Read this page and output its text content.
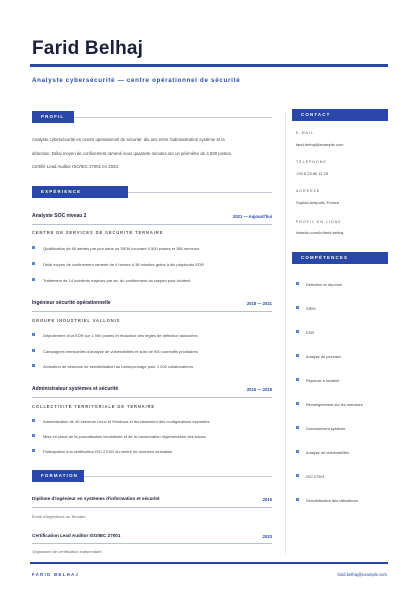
Farid Belhaj
Analyste cybersécurité — centre opérationnel de sécurité
PROFIL
Analyste cybersécurité en centre opérationnel de sécurité, dix ans entre l'administration système et la
détection. Délai moyen de confinement ramené sous quarante minutes sur un périmètre de 4 500 postes.
Certifié Lead Auditor ISO/IEC 27001 en 2023.
EXPÉRIENCE PROFESSIONNELLE
Analyste SOC niveau 2	2021 — Aujourd'hui
CENTRE DE SERVICES DE SÉCURITÉ TERNAIRE
Qualification de 60 alertes par jour dans un SIEM couvrant 4 500 postes et 380 serveurs
Délai moyen de confinement ramené de 4 heures à 38 minutes grâce à dix playbooks EDR
Traitement de 14 incidents majeurs par an, du confinement au rapport post-incident
Ingénieur sécurité opérationnelle	2018 — 2021
GROUPE INDUSTRIEL VALLONIS
Déploiement d'un EDR sur 1 900 postes et rédaction des règles de détection associées
Campagnes mensuelles d'analyse de vulnérabilités et suivi de 900 correctifs prioritaires
Animation de sessions de sensibilisation au hameçonnage pour 1 200 collaborateurs
Administrateur systèmes et sécurité	2015 — 2018
COLLECTIVITÉ TERRITORIALE DE TERNAIRE
Administration de 40 serveurs Linux et Windows et durcissement des configurations exposées
Mise en place de la journalisation centralisée et de la conservation réglementaire des traces
Participation à la certification ISO 27001 du centre de données mutualisé
FORMATION
Diplôme d'ingénieur en systèmes d'information et sécurité	2015
École d'ingénieurs du Ternaire
Certification Lead Auditor ISO/IEC 27001	2023
Organisme de certification indépendant
CONTACT
E-MAIL
farid.belhaj@example.com
TÉLÉPHONE
+33 6 23 80 11 29
ADRESSE
Sophia Antipolis, France
PROFIL EN LIGNE
linkedin.com/in/farid-belhaj
COMPÉTENCES
Détection et réponse
SIEM
EDR
Analyse de journaux
Réponse à incident
Renseignement sur les menaces
Durcissement système
Analyse de vulnérabilités
ISO 27001
Sensibilisation des utilisateurs
FARID BELHAJ	farid.belhaj@example.com
